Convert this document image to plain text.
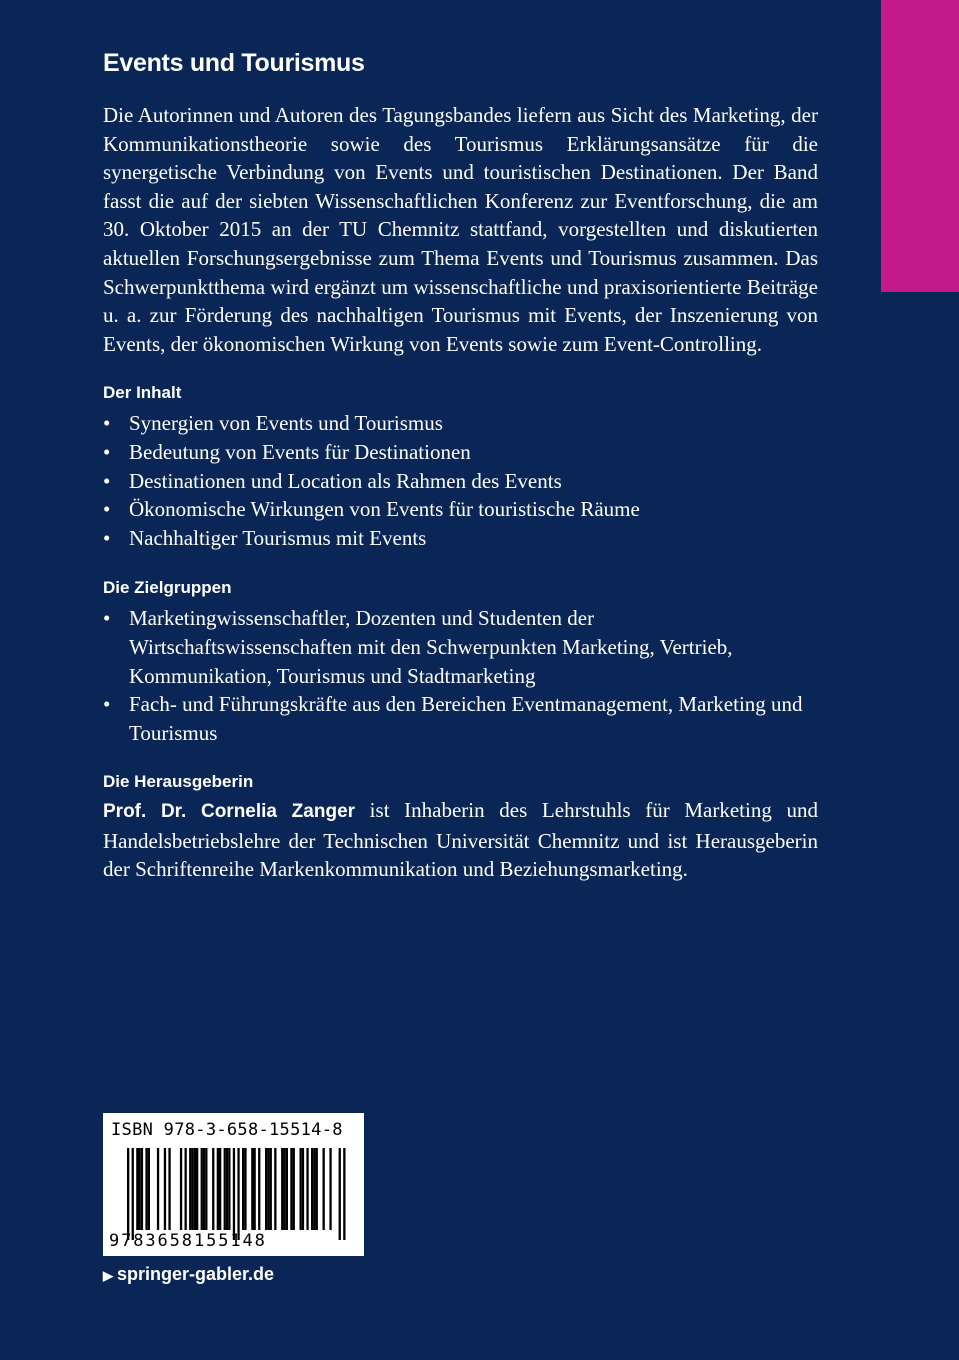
Events und Tourismus

Die Autorinnen und Autoren des Tagungsbandes liefern aus Sicht des Marketing, der Kommunikationstheorie sowie des Tourismus Erklärungsansätze für die synergetische Verbindung von Events und touristischen Destinationen. Der Band fasst die auf der siebten Wissenschaftlichen Konferenz zur Eventforschung, die am 30. Oktober 2015 an der TU Chemnitz stattfand, vorgestellten und diskutierten aktuellen Forschungsergebnisse zum Thema Events und Tourismus zusammen. Das Schwerpunktthema wird ergänzt um wissenschaftliche und praxisorientierte Beiträge u. a. zur Förderung des nachhaltigen Tourismus mit Events, der Inszenierung von Events, der ökonomischen Wirkung von Events sowie zum Event-Controlling.

Der Inhalt
• Synergien von Events und Tourismus
• Bedeutung von Events für Destinationen
• Destinationen und Location als Rahmen des Events
• Ökonomische Wirkungen von Events für touristische Räume
• Nachhaltiger Tourismus mit Events
Die Zielgruppen
• Marketingwissenschaftler, Dozenten und Studenten der Wirtschaftswissenschaften mit den Schwerpunkten Marketing, Vertrieb, Kommunikation, Tourismus und Stadtmarketing
• Fach- und Führungskräfte aus den Bereichen Eventmanagement, Marketing und Tourismus
Die Herausgeberin

Prof. Dr. Cornelia Zanger ist Inhaberin des Lehrstuhls für Marketing und Handelsbetriebslehre der Technischen Universität Chemnitz und ist Herausgeberin der Schriftenreihe Markenkommunikation und Beziehungsmarketing.

ISBN 978-3-658-15514-8
9783658155148
▶ springer-gabler.de
